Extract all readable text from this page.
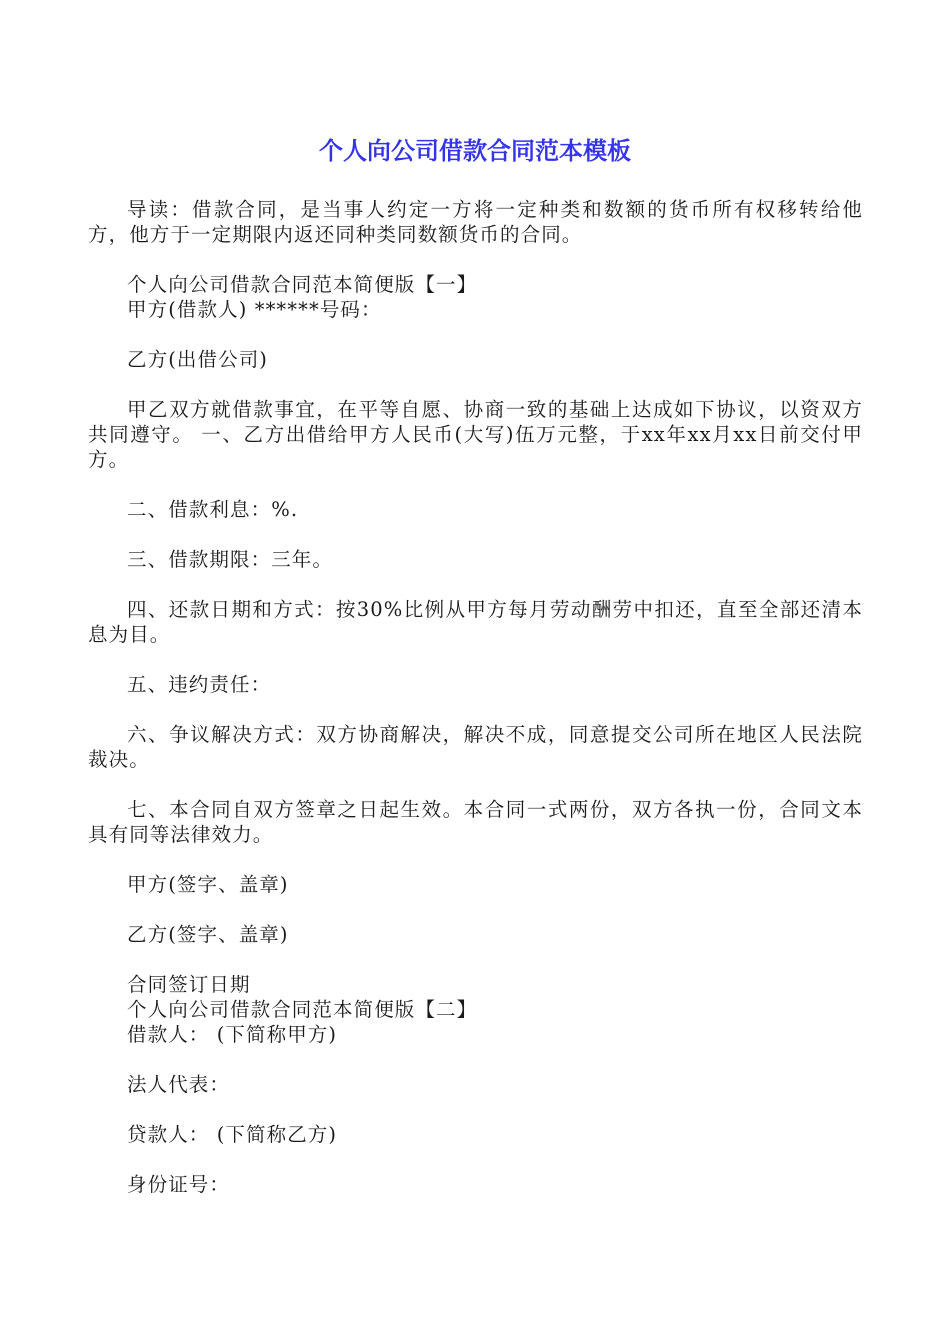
个人向公司借款合同范本模板

导读：借款合同，是当事人约定一方将一定种类和数额的货币所有权移转给他方，他方于一定期限内返还同种类同数额货币的合同。

个人向公司借款合同范本简便版【一】

甲方(借款人) ******号码：

乙方(出借公司)

甲乙双方就借款事宜，在平等自愿、协商一致的基础上达成如下协议，以资双方共同遵守。 一、乙方出借给甲方人民币(大写)伍万元整，于xx年xx月xx日前交付甲方。

二、借款利息：%.

三、借款期限：三年。

四、还款日期和方式：按30%比例从甲方每月劳动酬劳中扣还，直至全部还清本息为目。

五、违约责任：

六、争议解决方式：双方协商解决，解决不成，同意提交公司所在地区人民法院裁决。

七、本合同自双方签章之日起生效。本合同一式两份，双方各执一份，合同文本具有同等法律效力。

甲方(签字、盖章)

乙方(签字、盖章)

合同签订日期

个人向公司借款合同范本简便版【二】

借款人： (下简称甲方)

法人代表：

贷款人： (下简称乙方)

身份证号：
